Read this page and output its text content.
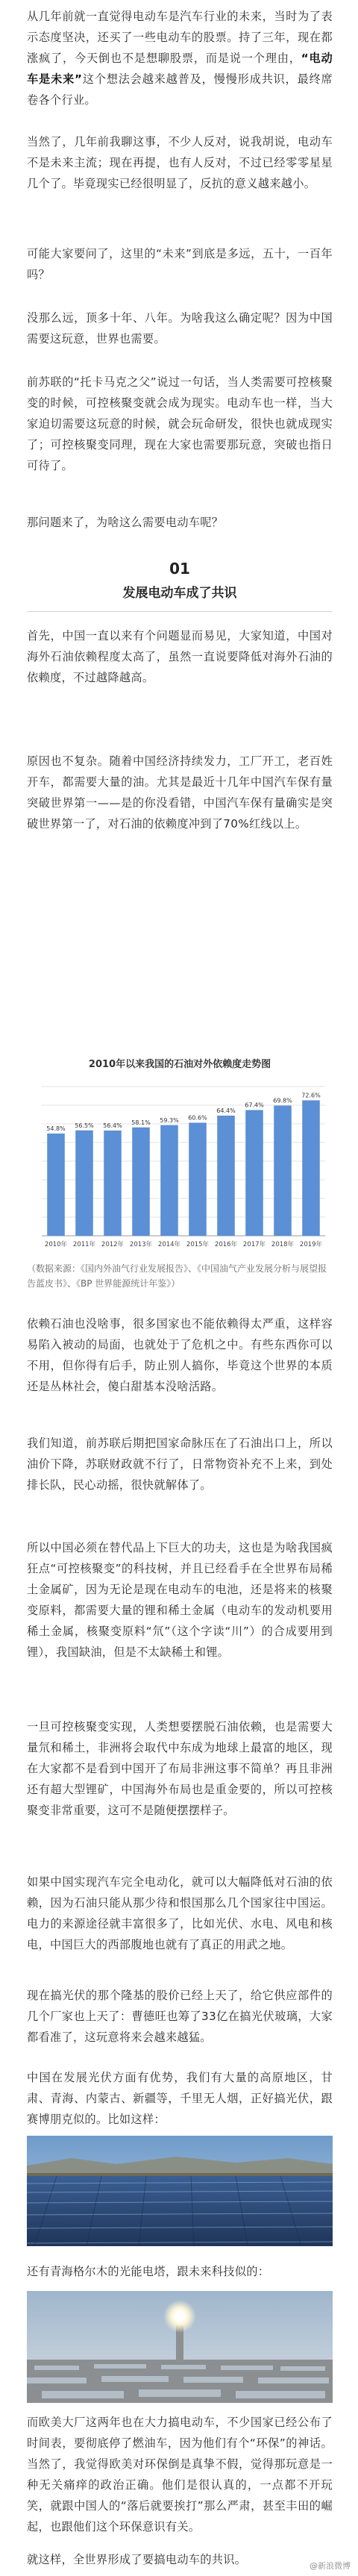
从几年前就一直觉得电动车是汽车行业的未来，当时为了表示态度坚决，还买了一些电动车的股票。持了三年，现在都涨疯了，今天倒也不是想聊股票，而是说一个理由，“电动车是未来”这个想法会越来越普及，慢慢形成共识，最终席卷各个行业。

当然了，几年前我聊这事，不少人反对，说我胡说，电动车不是未来主流；现在再提，也有人反对，不过已经零零星星几个了。毕竟现实已经很明显了，反抗的意义越来越小。

可能大家要问了，这里的“未来”到底是多远，五十，一百年吗？

没那么远，顶多十年、八年。为啥我这么确定呢？因为中国需要这玩意，世界也需要。

前苏联的“托卡马克之父”说过一句话，当人类需要可控核聚变的时候，可控核聚变就会成为现实。电动车也一样，当大家迫切需要这玩意的时候，就会玩命研发，很快也就成现实了；可控核聚变同理，现在大家也需要那玩意，突破也指日可待了。

那问题来了，为啥这么需要电动车呢？

01
发展电动车成了共识

首先，中国一直以来有个问题显而易见，大家知道，中国对海外石油依赖程度太高了，虽然一直说要降低对海外石油的依赖度，不过越降越高。

原因也不复杂。随着中国经济持续发力，工厂开工，老百姓开车，都需要大量的油。尤其是最近十几年中国汽车保有量突破世界第一——是的你没看错，中国汽车保有量确实是突破世界第一了，对石油的依赖度冲到了70%红线以上。

2010年以来我国的石油对外依赖度走势图
54.8% 56.5% 56.4% 58.1% 59.3% 60.6%
64.4%
67.4%
69.8%
72.6%
2010年 2011年 2012年 2013年 2014年 2015年 2016年 2017年 2018年 2019年
（数据来源：《国内外油气行业发展报告》、《中国油气产业发展分析与展望报告蓝皮书》、《BP 世界能源统计年鉴》）

依赖石油也没啥事，很多国家也不能依赖得太严重，这样容易陷入被动的局面，也就处于了危机之中。有些东西你可以不用，但你得有后手，防止别人搞你，毕竟这个世界的本质还是丛林社会，傻白甜基本没啥活路。

我们知道，前苏联后期把国家命脉压在了石油出口上，所以油价下降，苏联财政就不行了，日常物资补充不上来，到处排长队，民心动摇，很快就解体了。

所以中国必须在替代品上下巨大的功夫，这也是为啥我国疯狂点“可控核聚变”的科技树，并且已经看手在全世界布局稀土金属矿，因为无论是现在电动车的电池，还是将来的核聚变原料，都需要大量的锂和稀土金属（电动车的发动机要用稀土金属，核聚变原料“氘”（这个字读“川”）的合成要用到锂），我国缺油，但是不太缺稀土和锂。

一旦可控核聚变实现，人类想要摆脱石油依赖，也是需要大量氘和稀土，非洲将会取代中东成为地球上最富的地区，现在大家都不是看到中国开了布局非洲这事不简单？再且非洲还有超大型锂矿，中国海外布局也是重金要的，所以可控核聚变非常重要，这可不是随便摆摆样子。

如果中国实现汽车完全电动化，就可以大幅降低对石油的依赖，因为石油只能从那少待和恨国那么几个国家往中国运。电力的来源途径就丰富很多了，比如光伏、水电、风电和核电，中国巨大的西部腹地也就有了真正的用武之地。

现在搞光伏的那个隆基的股价已经上天了，给它供应部件的几个厂家也上天了：曹德旺也筹了33亿在搞光伏玻璃，大家都看准了，这玩意将来会越来越猛。

中国在发展光伏方面有优势，我们有大量的高原地区，甘肃、青海、内蒙古、新疆等，千里无人烟，正好搞光伏，跟赛博朋克似的。比如这样：

还有青海格尔木的光能电塔，跟未来科技似的：

而欧美大厂这两年也在大力搞电动车，不少国家已经公布了时间表，要彻底停了燃油车，因为他们有个“环保”的神话。当然了，我觉得欧美对环保倒是真挚不假，觉得那玩意是一种无关痛痒的政治正确。他们是很认真的，一点都不开玩笑，就跟中国人的“落后就要挨打”那么严肃，甚至丰田的崛起，也跟他们这个环保意识有关。

就这样，全世界形成了要搞电动车的共识。	@新浪微博
